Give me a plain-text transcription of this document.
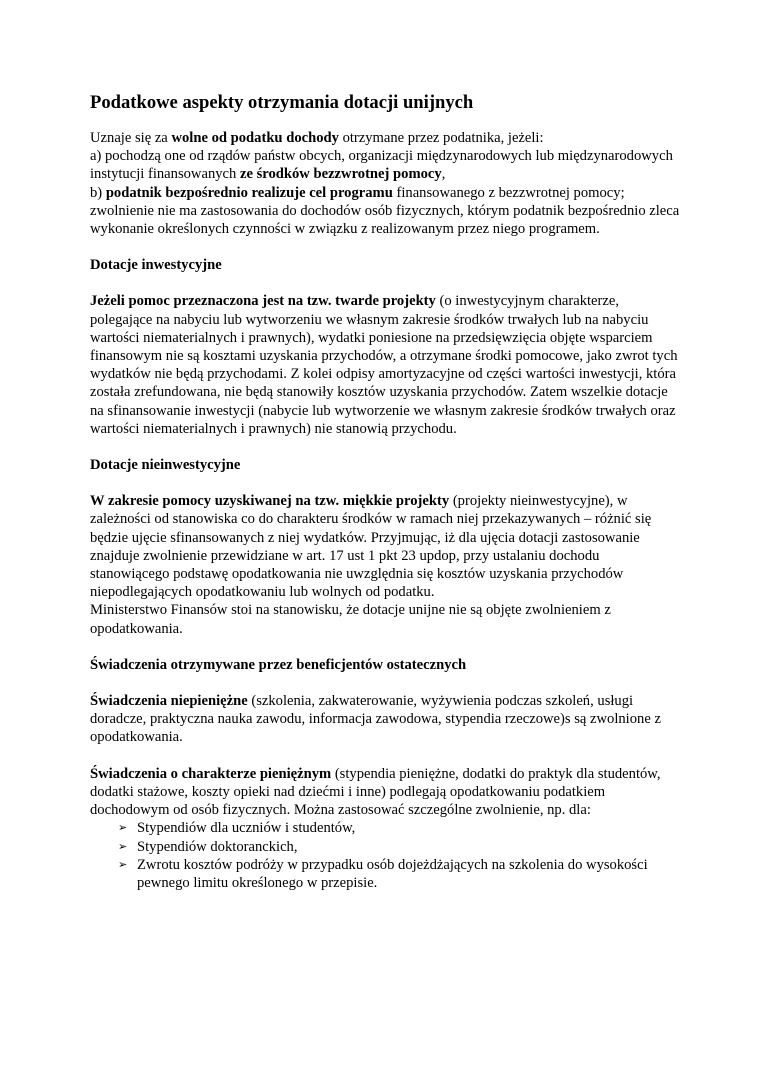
Podatkowe aspekty otrzymania dotacji unijnych

Uznaje się za wolne od podatku dochody otrzymane przez podatnika, jeżeli:

a) pochodzą one od rządów państw obcych, organizacji międzynarodowych lub międzynarodowych instytucji finansowanych ze środków bezzwrotnej pomocy,

b) podatnik bezpośrednio realizuje cel programu finansowanego z bezzwrotnej pomocy;

zwolnienie nie ma zastosowania do dochodów osób fizycznych, którym podatnik bezpośrednio zleca wykonanie określonych czynności w związku z realizowanym przez niego programem.

Dotacje inwestycyjne

Jeżeli pomoc przeznaczona jest na tzw. twarde projekty (o inwestycyjnym charakterze, polegające na nabyciu lub wytworzeniu we własnym zakresie środków trwałych lub na nabyciu wartości niematerialnych i prawnych), wydatki poniesione na przedsięwzięcia objęte wsparciem finansowym nie są kosztami uzyskania przychodów, a otrzymane środki pomocowe, jako zwrot tych wydatków nie będą przychodami. Z kolei odpisy amortyzacyjne od części wartości inwestycji, która została zrefundowana, nie będą stanowiły kosztów uzyskania przychodów. Zatem wszelkie dotacje na sfinansowanie inwestycji (nabycie lub wytworzenie we własnym zakresie środków trwałych oraz wartości niematerialnych i prawnych) nie stanowią przychodu.

Dotacje nieinwestycyjne

W zakresie pomocy uzyskiwanej na tzw. miękkie projekty (projekty nieinwestycyjne), w zależności od stanowiska co do charakteru środków w ramach niej przekazywanych – różnić się będzie ujęcie sfinansowanych z niej wydatków. Przyjmując, iż dla ujęcia dotacji zastosowanie znajduje zwolnienie przewidziane w art. 17 ust 1 pkt 23 updop, przy ustalaniu dochodu stanowiącego podstawę opodatkowania nie uwzględnia się kosztów uzyskania przychodów niepodlegających opodatkowaniu lub wolnych od podatku.

Ministerstwo Finansów stoi na stanowisku, że dotacje unijne nie są objęte zwolnieniem z opodatkowania.

Świadczenia otrzymywane przez beneficjentów ostatecznych

Świadczenia niepieniężne (szkolenia, zakwaterowanie, wyżywienia podczas szkoleń, usługi doradcze, praktyczna nauka zawodu, informacja zawodowa, stypendia rzeczowe)s są zwolnione z opodatkowania.

Świadczenia o charakterze pieniężnym (stypendia pieniężne, dodatki do praktyk dla studentów, dodatki stażowe, koszty opieki nad dziećmi i inne) podlegają opodatkowaniu podatkiem dochodowym od osób fizycznych. Można zastosować szczególne zwolnienie, np. dla:

➢ Stypendiów dla uczniów i studentów,
➢ Stypendiów doktoranckich,
➢ Zwrotu kosztów podróży w przypadku osób dojeżdżających na szkolenia do wysokości pewnego limitu określonego w przepisie.
